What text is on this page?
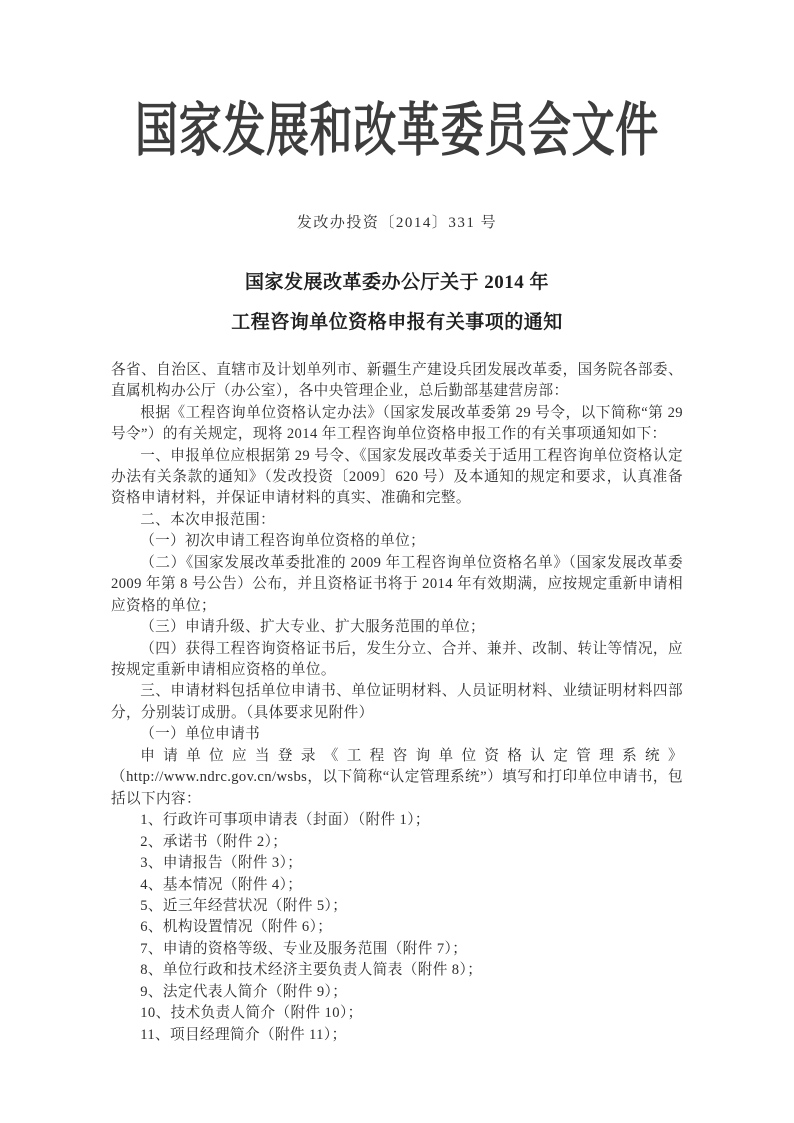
国家发展和改革委员会文件
发改办投资〔2014〕331 号
国家发展改革委办公厅关于 2014 年
工程咨询单位资格申报有关事项的通知

各省、自治区、直辖市及计划单列市、新疆生产建设兵团发展改革委，国务院各部委、直属机构办公厅（办公室），各中央管理企业，总后勤部基建营房部：

根据《工程咨询单位资格认定办法》（国家发展改革委第 29 号令，以下简称“第 29 号令”）的有关规定，现将 2014 年工程咨询单位资格申报工作的有关事项通知如下：

一、申报单位应根据第 29 号令、《国家发展改革委关于适用工程咨询单位资格认定办法有关条款的通知》（发改投资〔2009〕620 号）及本通知的规定和要求，认真准备资格申请材料，并保证申请材料的真实、准确和完整。

二、本次申报范围：

（一）初次申请工程咨询单位资格的单位；

（二）《国家发展改革委批准的 2009 年工程咨询单位资格名单》（国家发展改革委 2009 年第 8 号公告）公布，并且资格证书将于 2014 年有效期满，应按规定重新申请相应资格的单位；

（三）申请升级、扩大专业、扩大服务范围的单位；

（四）获得工程咨询资格证书后，发生分立、合并、兼并、改制、转让等情况，应按规定重新申请相应资格的单位。

三、申请材料包括单位申请书、单位证明材料、人员证明材料、业绩证明材料四部分，分别装订成册。（具体要求见附件）

（一）单位申请书

申请单位应当登录《工程咨询单位资格认定管理系统》（http://www.ndrc.gov.cn/wsbs，以下简称“认定管理系统”）填写和打印单位申请书，包括以下内容：

1、行政许可事项申请表（封面）（附件 1）；

2、承诺书（附件 2）；

3、申请报告（附件 3）；

4、基本情况（附件 4）；

5、近三年经营状况（附件 5）；

6、机构设置情况（附件 6）；

7、申请的资格等级、专业及服务范围（附件 7）；

8、单位行政和技术经济主要负责人简表（附件 8）；

9、法定代表人简介（附件 9）；

10、技术负责人简介（附件 10）；

11、项目经理简介（附件 11）；
